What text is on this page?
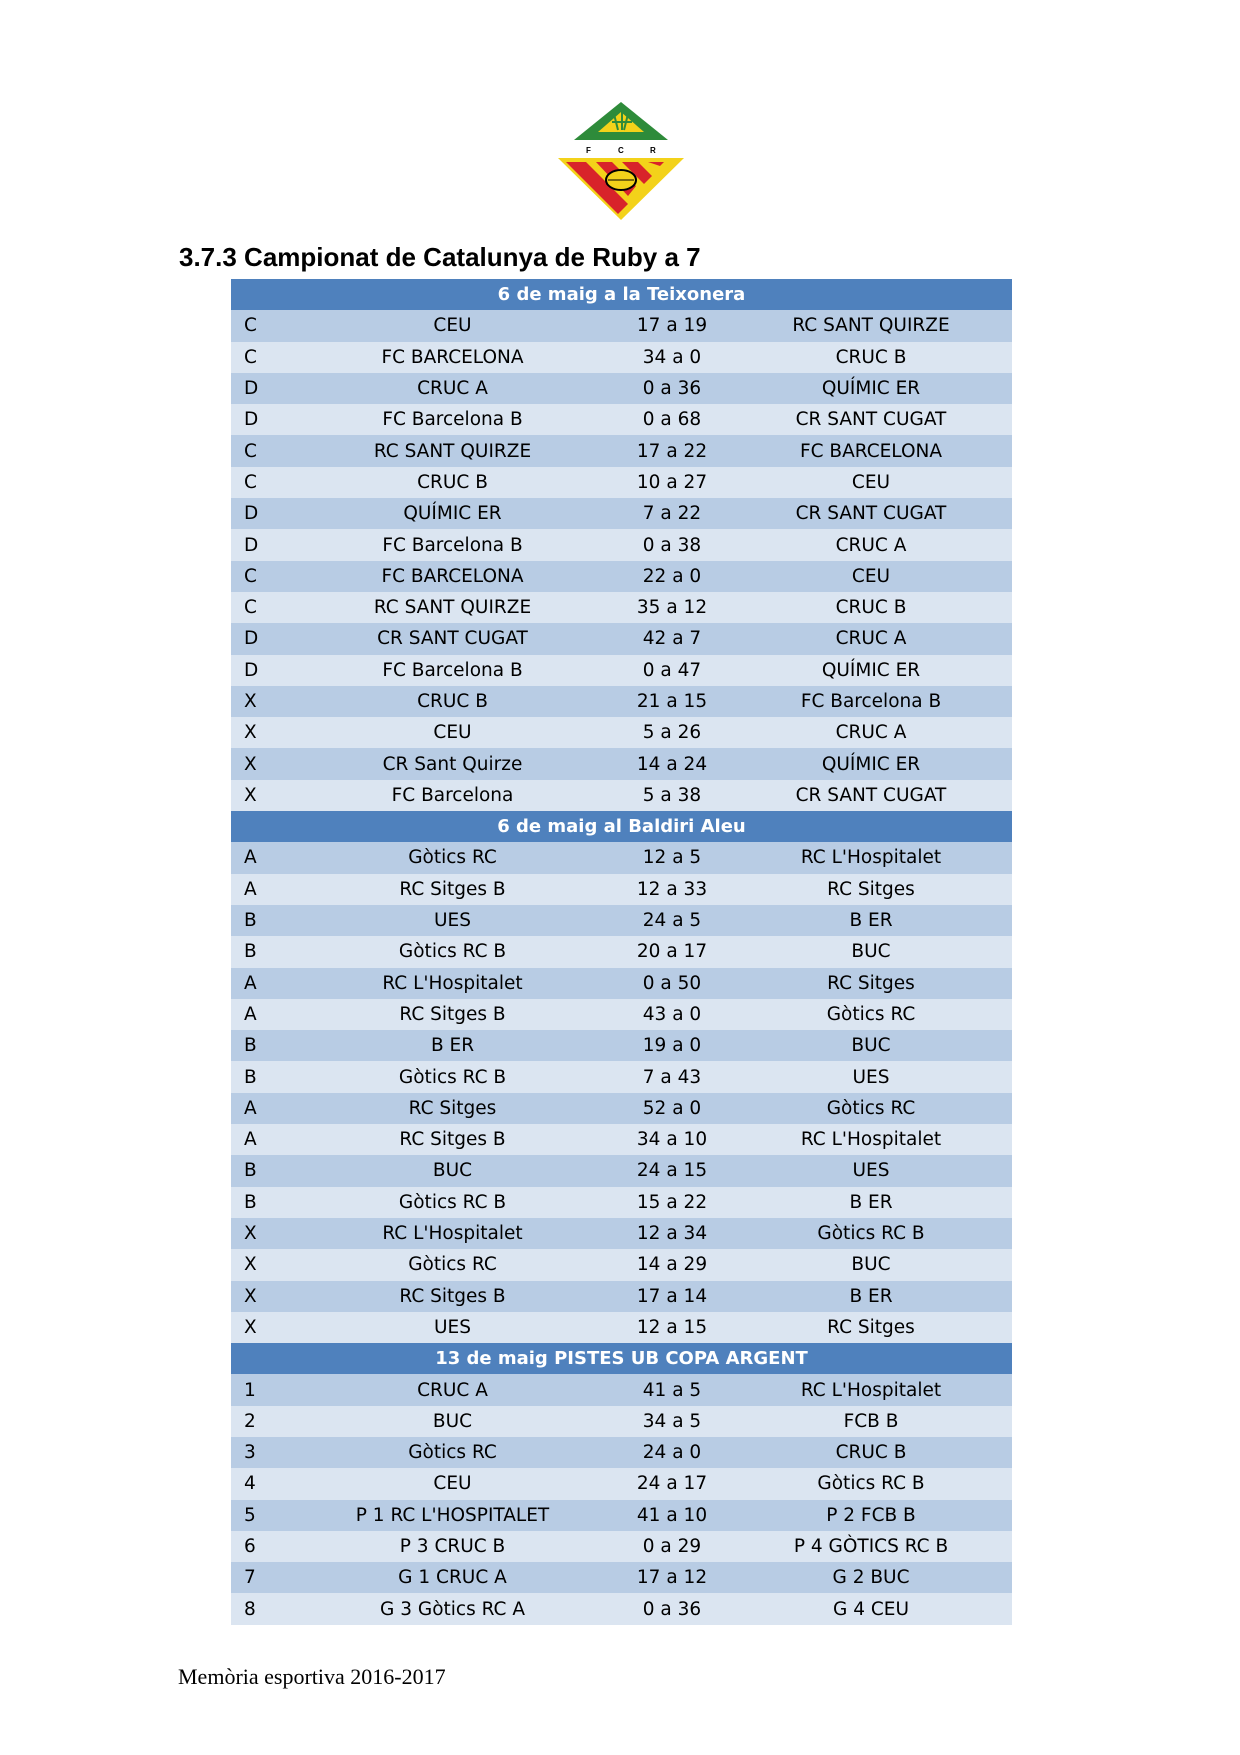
F	C	R
3.7.3 Campionat de Catalunya de Ruby a 7
6 de maig a la Teixonera
C	CEU	17 a 19	RC SANT QUIRZE
C	FC BARCELONA	34 a 0	CRUC B
D	CRUC A	0 a 36	QUÍMIC ER
D	FC Barcelona B	0 a 68	CR SANT CUGAT
C	RC SANT QUIRZE	17 a 22	FC BARCELONA
C	CRUC B	10 a 27	CEU
D	QUÍMIC ER	7 a 22	CR SANT CUGAT
D	FC Barcelona B	0 a 38	CRUC A
C	FC BARCELONA	22 a 0	CEU
C	RC SANT QUIRZE	35 a 12	CRUC B
D	CR SANT CUGAT	42 a 7	CRUC A
D	FC Barcelona B	0 a 47	QUÍMIC ER
X	CRUC B	21 a 15	FC Barcelona B
X	CEU	5 a 26	CRUC A
X	CR Sant Quirze	14 a 24	QUÍMIC ER
X	FC Barcelona	5 a 38	CR SANT CUGAT
6 de maig al Baldiri Aleu
A	Gòtics RC	12 a 5	RC L'Hospitalet
A	RC Sitges B	12 a 33	RC Sitges
B	UES	24 a 5	B ER
B	Gòtics RC B	20 a 17	BUC
A	RC L'Hospitalet	0 a 50	RC Sitges
A	RC Sitges B	43 a 0	Gòtics RC
B	B ER	19 a 0	BUC
B	Gòtics RC B	7 a 43	UES
A	RC Sitges	52 a 0	Gòtics RC
A	RC Sitges B	34 a 10	RC L'Hospitalet
B	BUC	24 a 15	UES
B	Gòtics RC B	15 a 22	B ER
X	RC L'Hospitalet	12 a 34	Gòtics RC B
X	Gòtics RC	14 a 29	BUC
X	RC Sitges B	17 a 14	B ER
X	UES	12 a 15	RC Sitges
13 de maig PISTES UB COPA ARGENT
1	CRUC A	41 a 5	RC L'Hospitalet
2	BUC	34 a 5	FCB B
3	Gòtics RC	24 a 0	CRUC B
4	CEU	24 a 17	Gòtics RC B
5	P 1 RC L'HOSPITALET	41 a 10	P 2 FCB B
6	P 3 CRUC B	0 a 29	P 4 GÒTICS RC B
7	G 1 CRUC A	17 a 12	G 2 BUC
8	G 3 Gòtics RC A	0 a 36	G 4 CEU
Memòria esportiva 2016-2017
